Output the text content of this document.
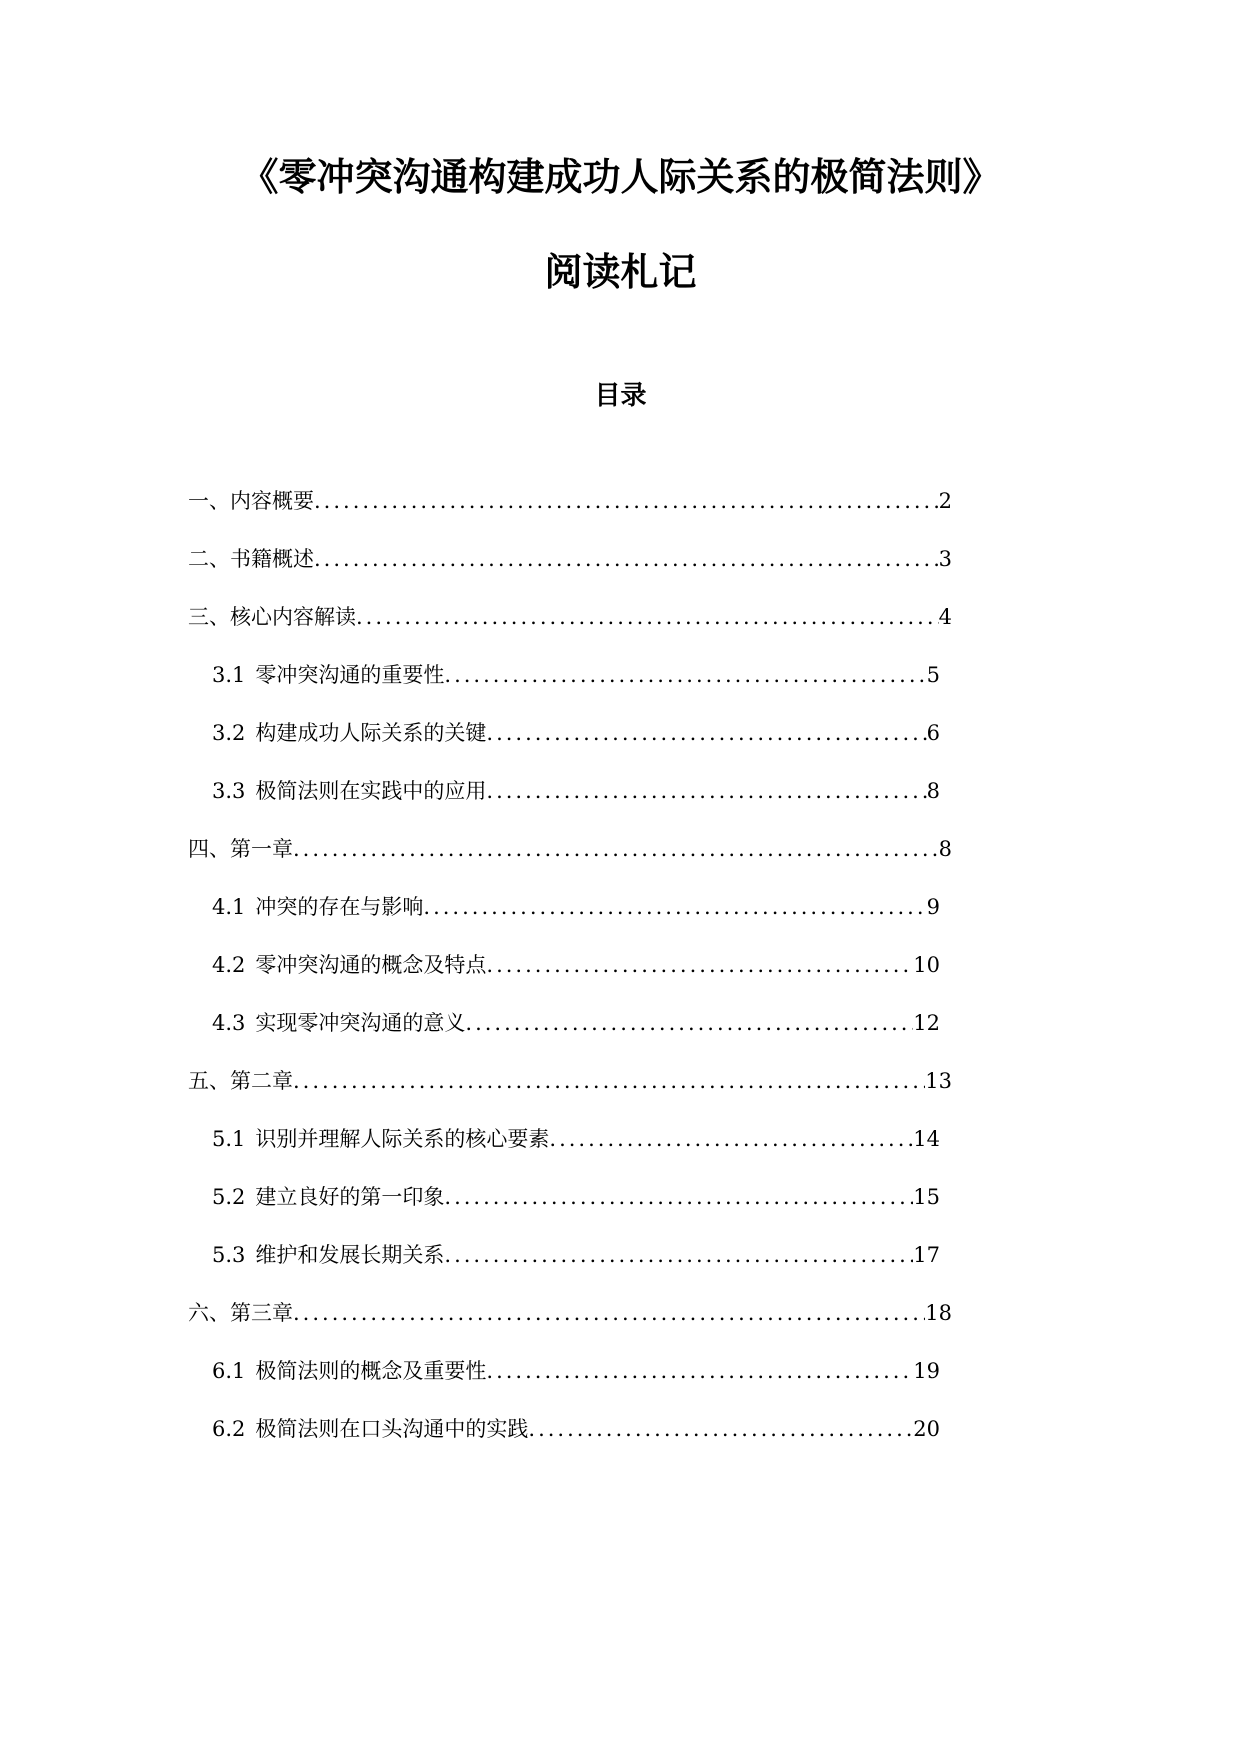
《零冲突沟通构建成功人际关系的极简法则》
阅读札记
目录
一、内容概要 .....	2
二、书籍概述 .....	3
三、核心内容解读 .....	4
3.1 零冲突沟通的重要性 .....	5
3.2 构建成功人际关系的关键 .....	6
3.3 极简法则在实践中的应用 .....	8
四、第一章 .....	8
4.1 冲突的存在与影响 .....	9
4.2 零冲突沟通的概念及特点 .....	10
4.3 实现零冲突沟通的意义 .....	12
五、第二章 .....	13
5.1 识别并理解人际关系的核心要素 .....	14
5.2 建立良好的第一印象 .....	15
5.3 维护和发展长期关系 .....	17
六、第三章 .....	18
6.1 极简法则的概念及重要性 .....	19
6.2 极简法则在口头沟通中的实践 .....	20
